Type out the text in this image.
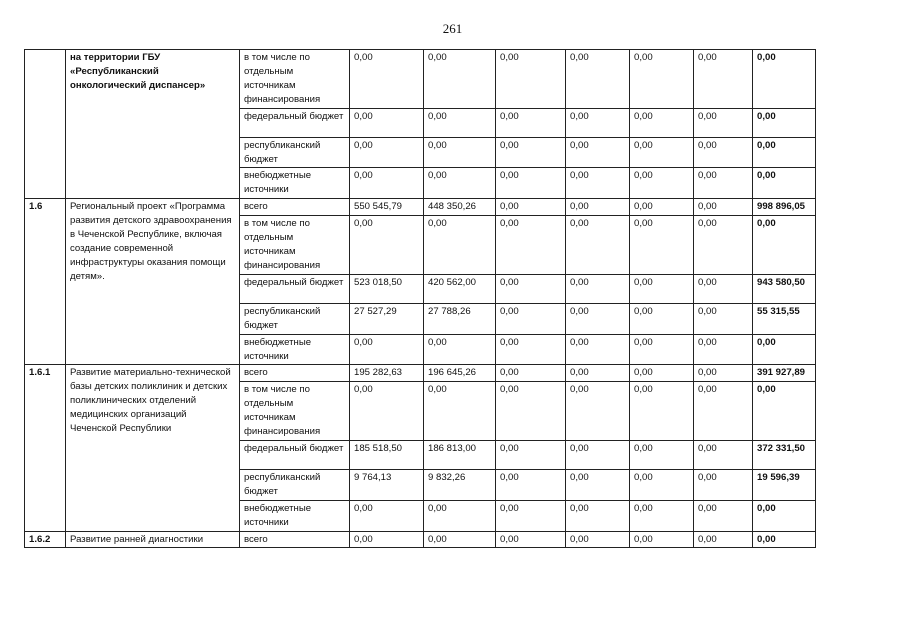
261
	на территории ГБУ «Республиканский онкологический диспансер»	в том числе по отдельным источникам финансирования	0,00	0,00	0,00	0,00	0,00	0,00	0,00
		федеральный бюджет	0,00	0,00	0,00	0,00	0,00	0,00	0,00
		республиканский бюджет	0,00	0,00	0,00	0,00	0,00	0,00	0,00
		внебюджетные источники	0,00	0,00	0,00	0,00	0,00	0,00	0,00
1.6	Региональный проект «Программа развития детского здравоохранения в Чеченской Республике, включая создание современной инфраструктуры оказания помощи детям».	всего	550 545,79	448 350,26	0,00	0,00	0,00	0,00	998 896,05
		в том числе по отдельным источникам финансирования	0,00	0,00	0,00	0,00	0,00	0,00	0,00
		федеральный бюджет	523 018,50	420 562,00	0,00	0,00	0,00	0,00	943 580,50
		республиканский бюджет	27 527,29	27 788,26	0,00	0,00	0,00	0,00	55 315,55
		внебюджетные источники	0,00	0,00	0,00	0,00	0,00	0,00	0,00
1.6.1	Развитие материально-технической базы детских поликлиник и детских поликлинических отделений медицинских организаций Чеченской Республики	всего	195 282,63	196 645,26	0,00	0,00	0,00	0,00	391 927,89
		в том числе по отдельным источникам финансирования	0,00	0,00	0,00	0,00	0,00	0,00	0,00
		федеральный бюджет	185 518,50	186 813,00	0,00	0,00	0,00	0,00	372 331,50
		республиканский бюджет	9 764,13	9 832,26	0,00	0,00	0,00	0,00	19 596,39
		внебюджетные источники	0,00	0,00	0,00	0,00	0,00	0,00	0,00
1.6.2	Развитие ранней диагностики	всего	0,00	0,00	0,00	0,00	0,00	0,00	0,00
